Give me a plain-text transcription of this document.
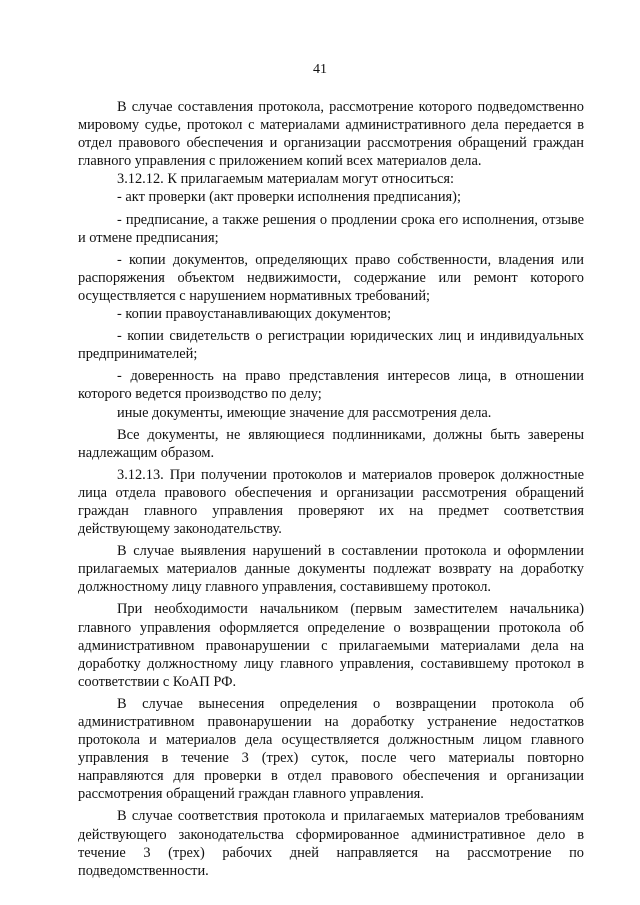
41

В случае составления протокола, рассмотрение которого подведомственно мировому судье, протокол с материалами административного дела передается в отдел правового обеспечения и организации рассмотрения обращений граждан главного управления с приложением копий всех материалов дела.

3.12.12. К прилагаемым материалам могут относиться:

- акт проверки (акт проверки исполнения предписания);

- предписание, а также решения о продлении срока его исполнения, отзыве и отмене предписания;

- копии документов, определяющих право собственности, владения или распоряжения объектом недвижимости, содержание или ремонт которого осуществляется с нарушением нормативных требований;

- копии правоустанавливающих документов;

- копии свидетельств о регистрации юридических лиц и индивидуальных предпринимателей;

- доверенность на право представления интересов лица, в отношении которого ведется производство по делу;

иные документы, имеющие значение для рассмотрения дела.

Все документы, не являющиеся подлинниками, должны быть заверены надлежащим образом.

3.12.13. При получении протоколов и материалов проверок должностные лица отдела правового обеспечения и организации рассмотрения обращений граждан главного управления проверяют их на предмет соответствия действующему законодательству.

В случае выявления нарушений в составлении протокола и оформлении прилагаемых материалов данные документы подлежат возврату на доработку должностному лицу главного управления, составившему протокол.

При необходимости начальником (первым заместителем начальника) главного управления оформляется определение о возвращении протокола об административном правонарушении с прилагаемыми материалами дела на доработку должностному лицу главного управления, составившему протокол в соответствии с КоАП РФ.

В случае вынесения определения о возвращении протокола об административном правонарушении на доработку устранение недостатков протокола и материалов дела осуществляется должностным лицом главного управления в течение 3 (трех) суток, после чего материалы повторно направляются для проверки в отдел правового обеспечения и организации рассмотрения обращений граждан главного управления.

В случае соответствия протокола и прилагаемых материалов требованиям действующего законодательства сформированное административное дело в течение 3 (трех) рабочих дней направляется на рассмотрение по подведомственности.
